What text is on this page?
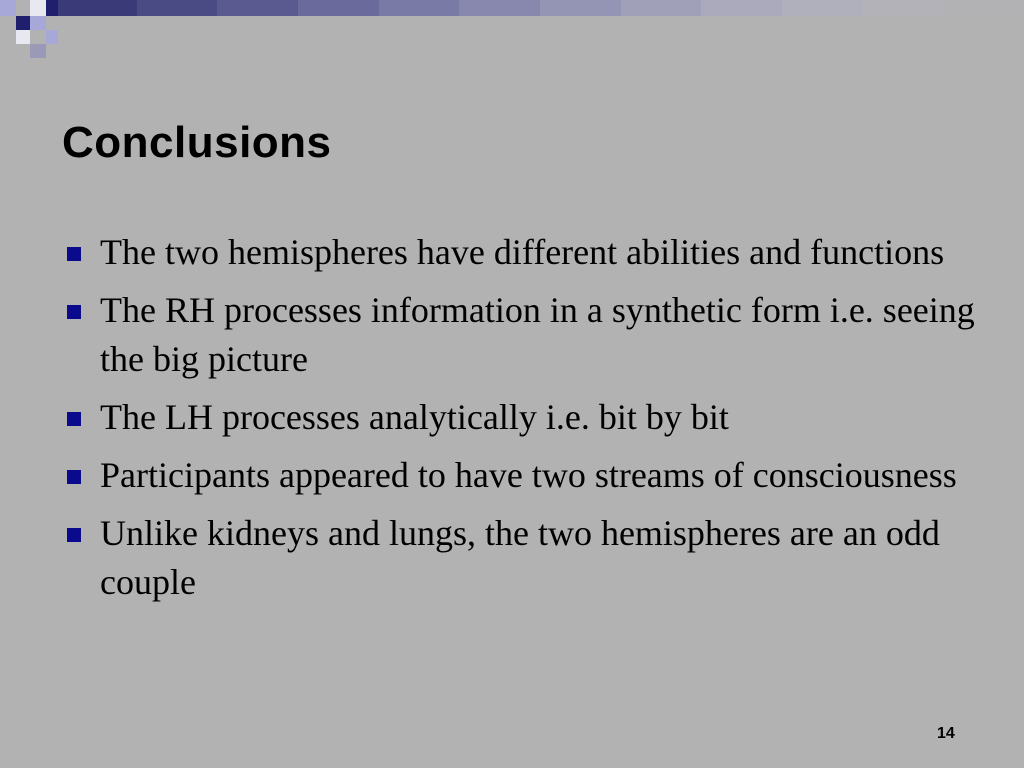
Conclusions
The two hemispheres have different abilities and functions
The RH processes information in a synthetic form i.e. seeing the big picture
The LH processes analytically i.e. bit by bit
Participants appeared to have two streams of consciousness
Unlike kidneys and lungs, the two hemispheres are an odd couple
14
